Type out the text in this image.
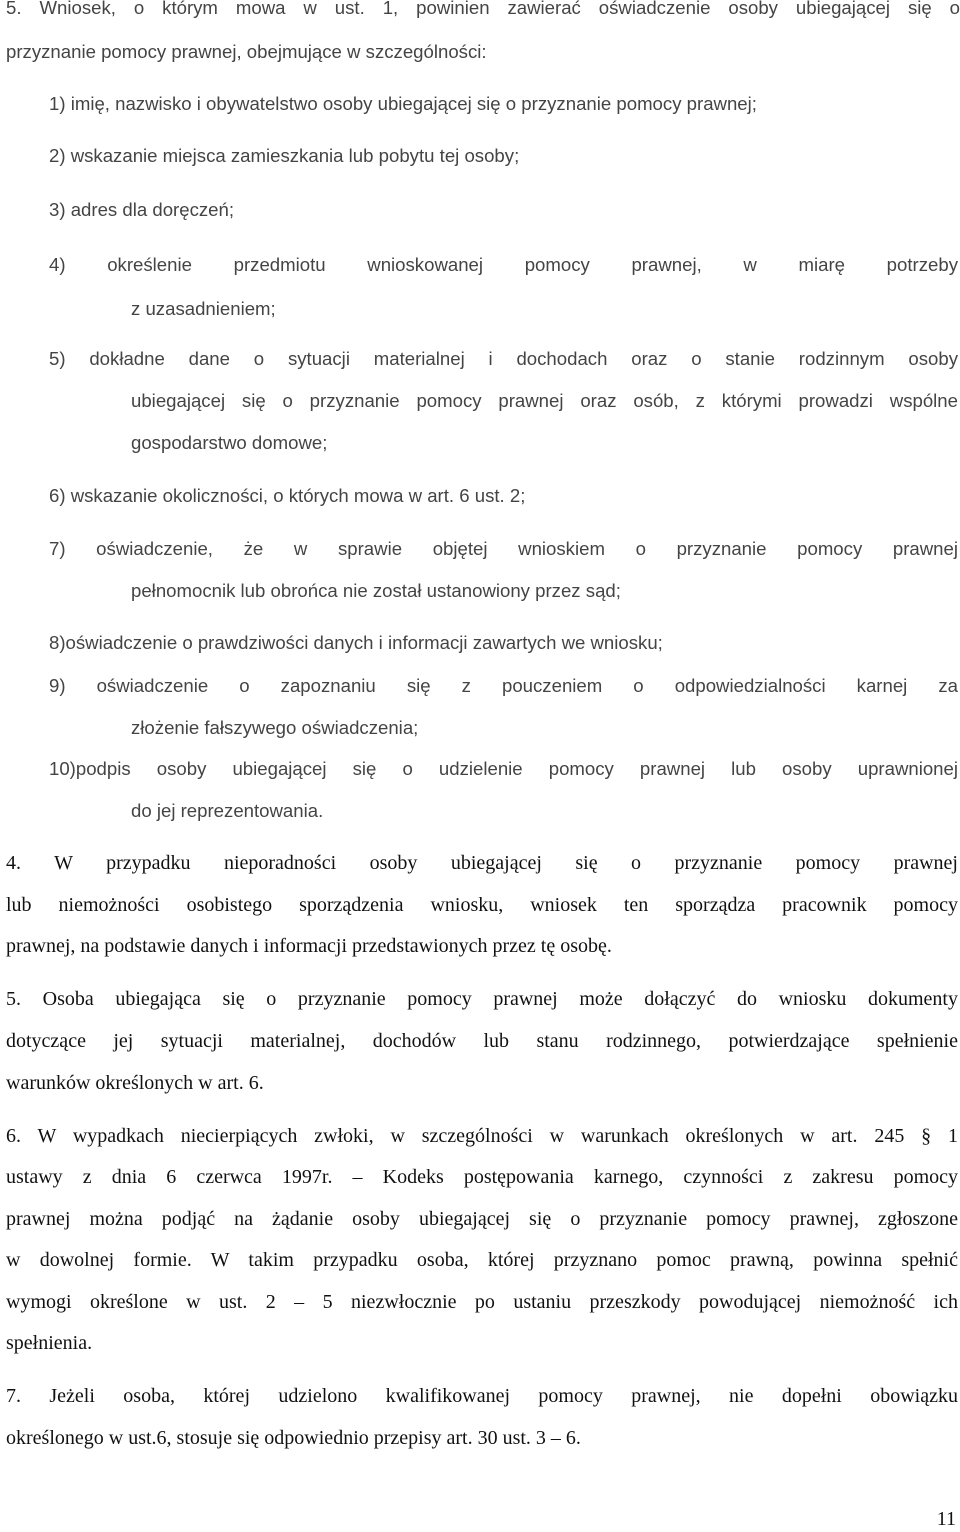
5. Wniosek, o którym mowa w ust. 1, powinien zawierać oświadczenie osoby ubiegającej się o
przyznanie pomocy prawnej, obejmujące w szczególności:
1) imię, nazwisko i obywatelstwo osoby ubiegającej się o przyznanie pomocy prawnej;
2) wskazanie miejsca zamieszkania lub pobytu tej osoby;
3) adres dla doręczeń;
4) określenie przedmiotu wnioskowanej pomocy prawnej, w miarę potrzeby
z uzasadnieniem;
5) dokładne dane o sytuacji materialnej i dochodach oraz o stanie rodzinnym osoby
ubiegającej się o przyznanie pomocy prawnej oraz osób, z którymi prowadzi wspólne
gospodarstwo domowe;
6) wskazanie okoliczności, o których mowa w art. 6 ust. 2;
7) oświadczenie, że w sprawie objętej wnioskiem o przyznanie pomocy prawnej
pełnomocnik lub obrońca nie został ustanowiony przez sąd;
8)oświadczenie o prawdziwości danych i informacji zawartych we wniosku;
9) oświadczenie o zapoznaniu się z pouczeniem o odpowiedzialności karnej za
złożenie fałszywego oświadczenia;
10)podpis osoby ubiegającej się o udzielenie pomocy prawnej lub osoby uprawnionej
do jej reprezentowania.
4. W przypadku nieporadności osoby ubiegającej się o przyznanie pomocy prawnej
lub niemożności osobistego sporządzenia wniosku, wniosek ten sporządza pracownik pomocy
prawnej, na podstawie danych i informacji przedstawionych przez tę osobę.
5. Osoba ubiegająca się o przyznanie pomocy prawnej może dołączyć do wniosku dokumenty
dotyczące jej sytuacji materialnej, dochodów lub stanu rodzinnego, potwierdzające spełnienie
warunków określonych w art. 6.
6. W wypadkach niecierpiących zwłoki, w szczególności w warunkach określonych w art. 245 § 1
ustawy z dnia 6 czerwca 1997r. – Kodeks postępowania karnego, czynności z zakresu pomocy
prawnej można podjąć na żądanie osoby ubiegającej się o przyznanie pomocy prawnej, zgłoszone
w dowolnej formie. W takim przypadku osoba, której przyznano pomoc prawną, powinna spełnić
wymogi określone w ust. 2 – 5 niezwłocznie po ustaniu przeszkody powodującej niemożność ich
spełnienia.
7. Jeżeli osoba, której udzielono kwalifikowanej pomocy prawnej, nie dopełni obowiązku
określonego w ust.6, stosuje się odpowiednio przepisy art. 30 ust. 3 – 6.
11
